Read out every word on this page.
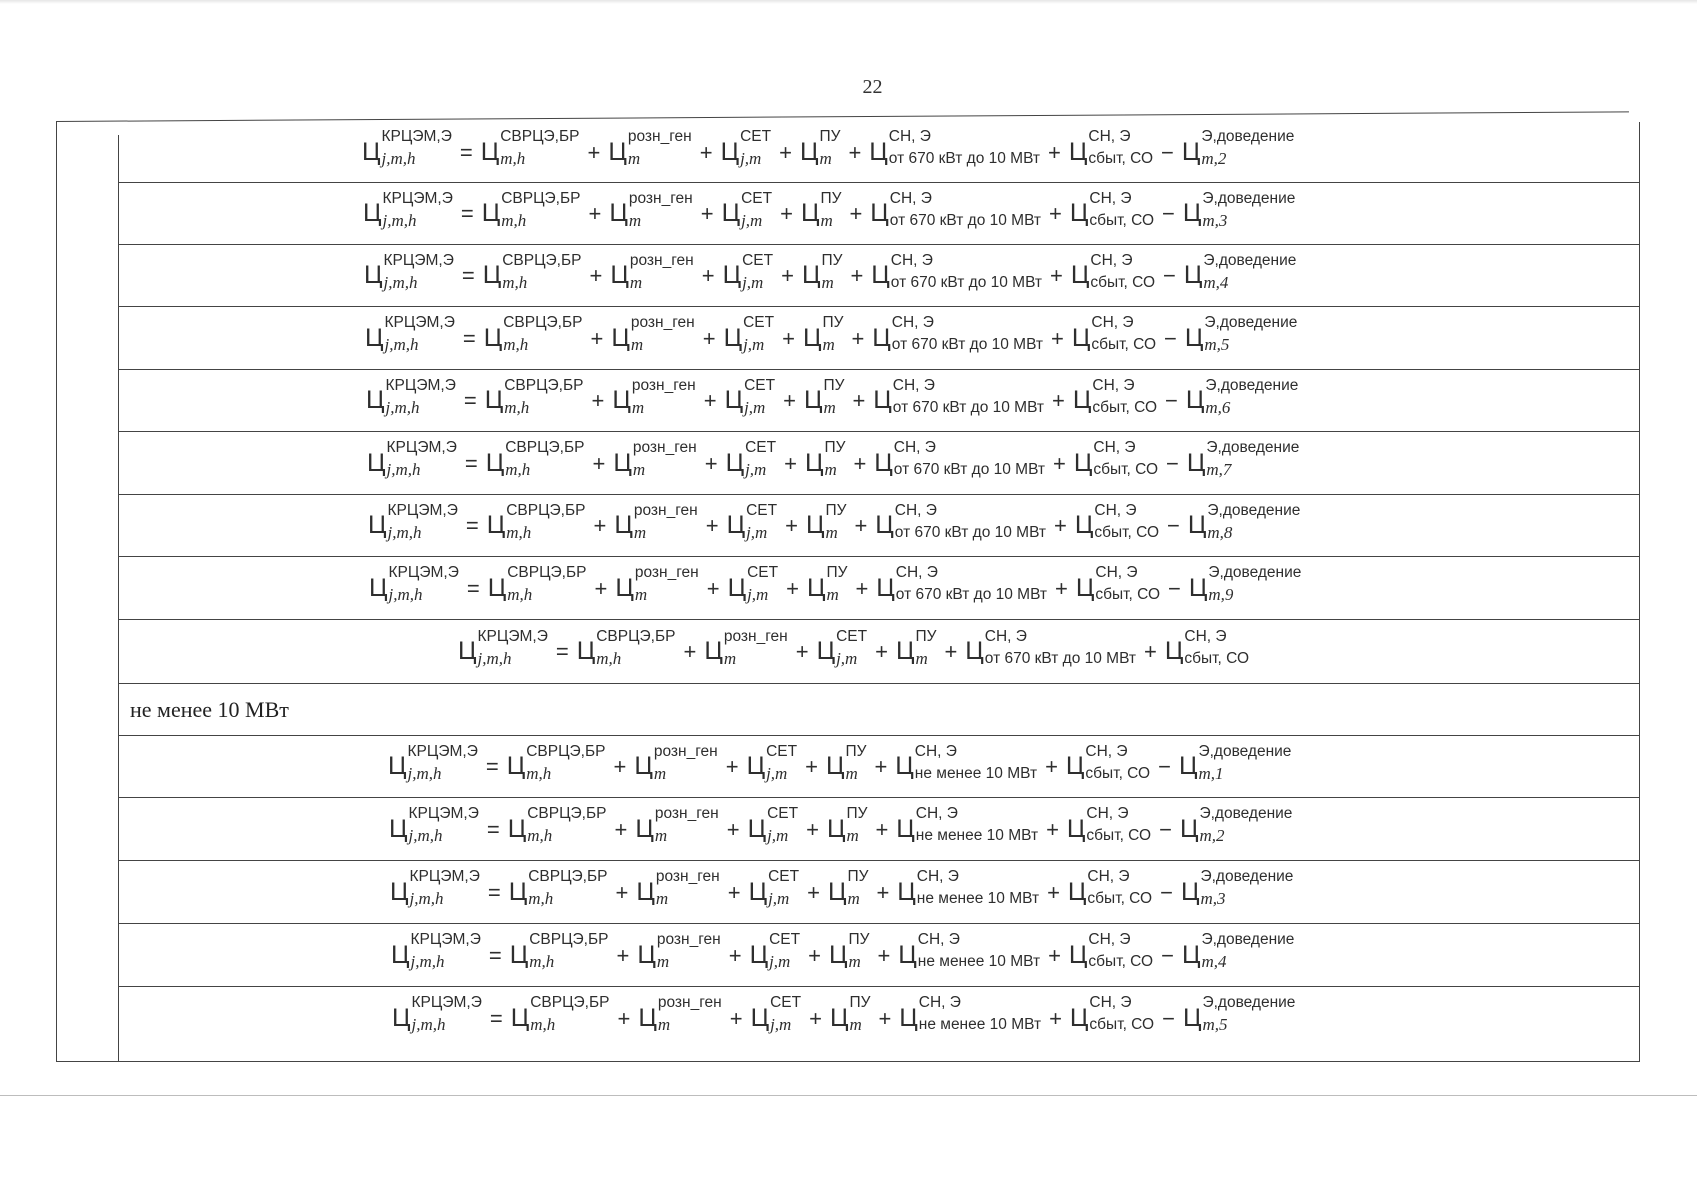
22
Ц
КРЦЭМ,Э
j,m,h	= Ц
СВРЦЭ,БР
m,h	+ Ц
розн_ген
m	+ Ц
СЕТ
j,m + Ц
ПУ
m + Ц
СН, Э
от 670 кВт до 10 МВт + Ц
СН, Э
сбыт, СО − Ц
Э,доведение
m,2
Ц
КРЦЭМ,Э
j,m,h	= Ц
СВРЦЭ,БР
m,h	+ Ц
розн_ген
m	+ Ц
СЕТ
j,m + Ц
ПУ
m + Ц
СН, Э
от 670 кВт до 10 МВт + Ц
СН, Э
сбыт, СО − Ц
Э,доведение
m,3
Ц
КРЦЭМ,Э
j,m,h	= Ц
СВРЦЭ,БР
m,h	+ Ц
розн_ген
m	+ Ц
СЕТ
j,m + Ц
ПУ
m + Ц
СН, Э
от 670 кВт до 10 МВт + Ц
СН, Э
сбыт, СО − Ц
Э,доведение
m,4
Ц
КРЦЭМ,Э
j,m,h	= Ц
СВРЦЭ,БР
m,h	+ Ц
розн_ген
m	+ Ц
СЕТ
j,m + Ц
ПУ
m + Ц
СН, Э
от 670 кВт до 10 МВт + Ц
СН, Э
сбыт, СО − Ц
Э,доведение
m,5
Ц
КРЦЭМ,Э
j,m,h	= Ц
СВРЦЭ,БР
m,h	+ Ц
розн_ген
m	+ Ц
СЕТ
j,m + Ц
ПУ
m + Ц
СН, Э
от 670 кВт до 10 МВт + Ц
СН, Э
сбыт, СО − Ц
Э,доведение
m,6
Ц
КРЦЭМ,Э
j,m,h	= Ц
СВРЦЭ,БР
m,h	+ Ц
розн_ген
m	+ Ц
СЕТ
j,m + Ц
ПУ
m + Ц
СН, Э
от 670 кВт до 10 МВт + Ц
СН, Э
сбыт, СО − Ц
Э,доведение
m,7
Ц
КРЦЭМ,Э
j,m,h	= Ц
СВРЦЭ,БР
m,h	+ Ц
розн_ген
m	+ Ц
СЕТ
j,m + Ц
ПУ
m + Ц
СН, Э
от 670 кВт до 10 МВт + Ц
СН, Э
сбыт, СО − Ц
Э,доведение
m,8
Ц
КРЦЭМ,Э
j,m,h	= Ц
СВРЦЭ,БР
m,h	+ Ц
розн_ген
m	+ Ц
СЕТ
j,m + Ц
ПУ
m + Ц
СН, Э
от 670 кВт до 10 МВт + Ц
СН, Э
сбыт, СО − Ц
Э,доведение
m,9
Ц
КРЦЭМ,Э
j,m,h	= Ц
СВРЦЭ,БР
m,h	+ Ц
розн_ген
m	+ Ц
СЕТ
j,m + Ц
ПУ
m + Ц
СН, Э
от 670 кВт до 10 МВт + Ц
СН, Э
сбыт, СО
не менее 10 МВт
Ц
КРЦЭМ,Э
j,m,h	= Ц
СВРЦЭ,БР
m,h	+ Ц
розн_ген
m	+ Ц
СЕТ
j,m + Ц
ПУ
m + Ц
СН, Э
не менее 10 МВт + Ц
СН, Э
сбыт, СО − Ц
Э,доведение
m,1
Ц
КРЦЭМ,Э
j,m,h	= Ц
СВРЦЭ,БР
m,h	+ Ц
розн_ген
m	+ Ц
СЕТ
j,m + Ц
ПУ
m + Ц
СН, Э
не менее 10 МВт + Ц
СН, Э
сбыт, СО − Ц
Э,доведение
m,2
Ц
КРЦЭМ,Э
j,m,h	= Ц
СВРЦЭ,БР
m,h	+ Ц
розн_ген
m	+ Ц
СЕТ
j,m + Ц
ПУ
m + Ц
СН, Э
не менее 10 МВт + Ц
СН, Э
сбыт, СО − Ц
Э,доведение
m,3
Ц
КРЦЭМ,Э
j,m,h	= Ц
СВРЦЭ,БР
m,h	+ Ц
розн_ген
m	+ Ц
СЕТ
j,m + Ц
ПУ
m + Ц
СН, Э
не менее 10 МВт + Ц
СН, Э
сбыт, СО − Ц
Э,доведение
m,4
Ц
КРЦЭМ,Э
j,m,h	= Ц
СВРЦЭ,БР
m,h	+ Ц
розн_ген
m	+ Ц
СЕТ
j,m + Ц
ПУ
m + Ц
СН, Э
не менее 10 МВт + Ц
СН, Э
сбыт, СО − Ц
Э,доведение
m,5
